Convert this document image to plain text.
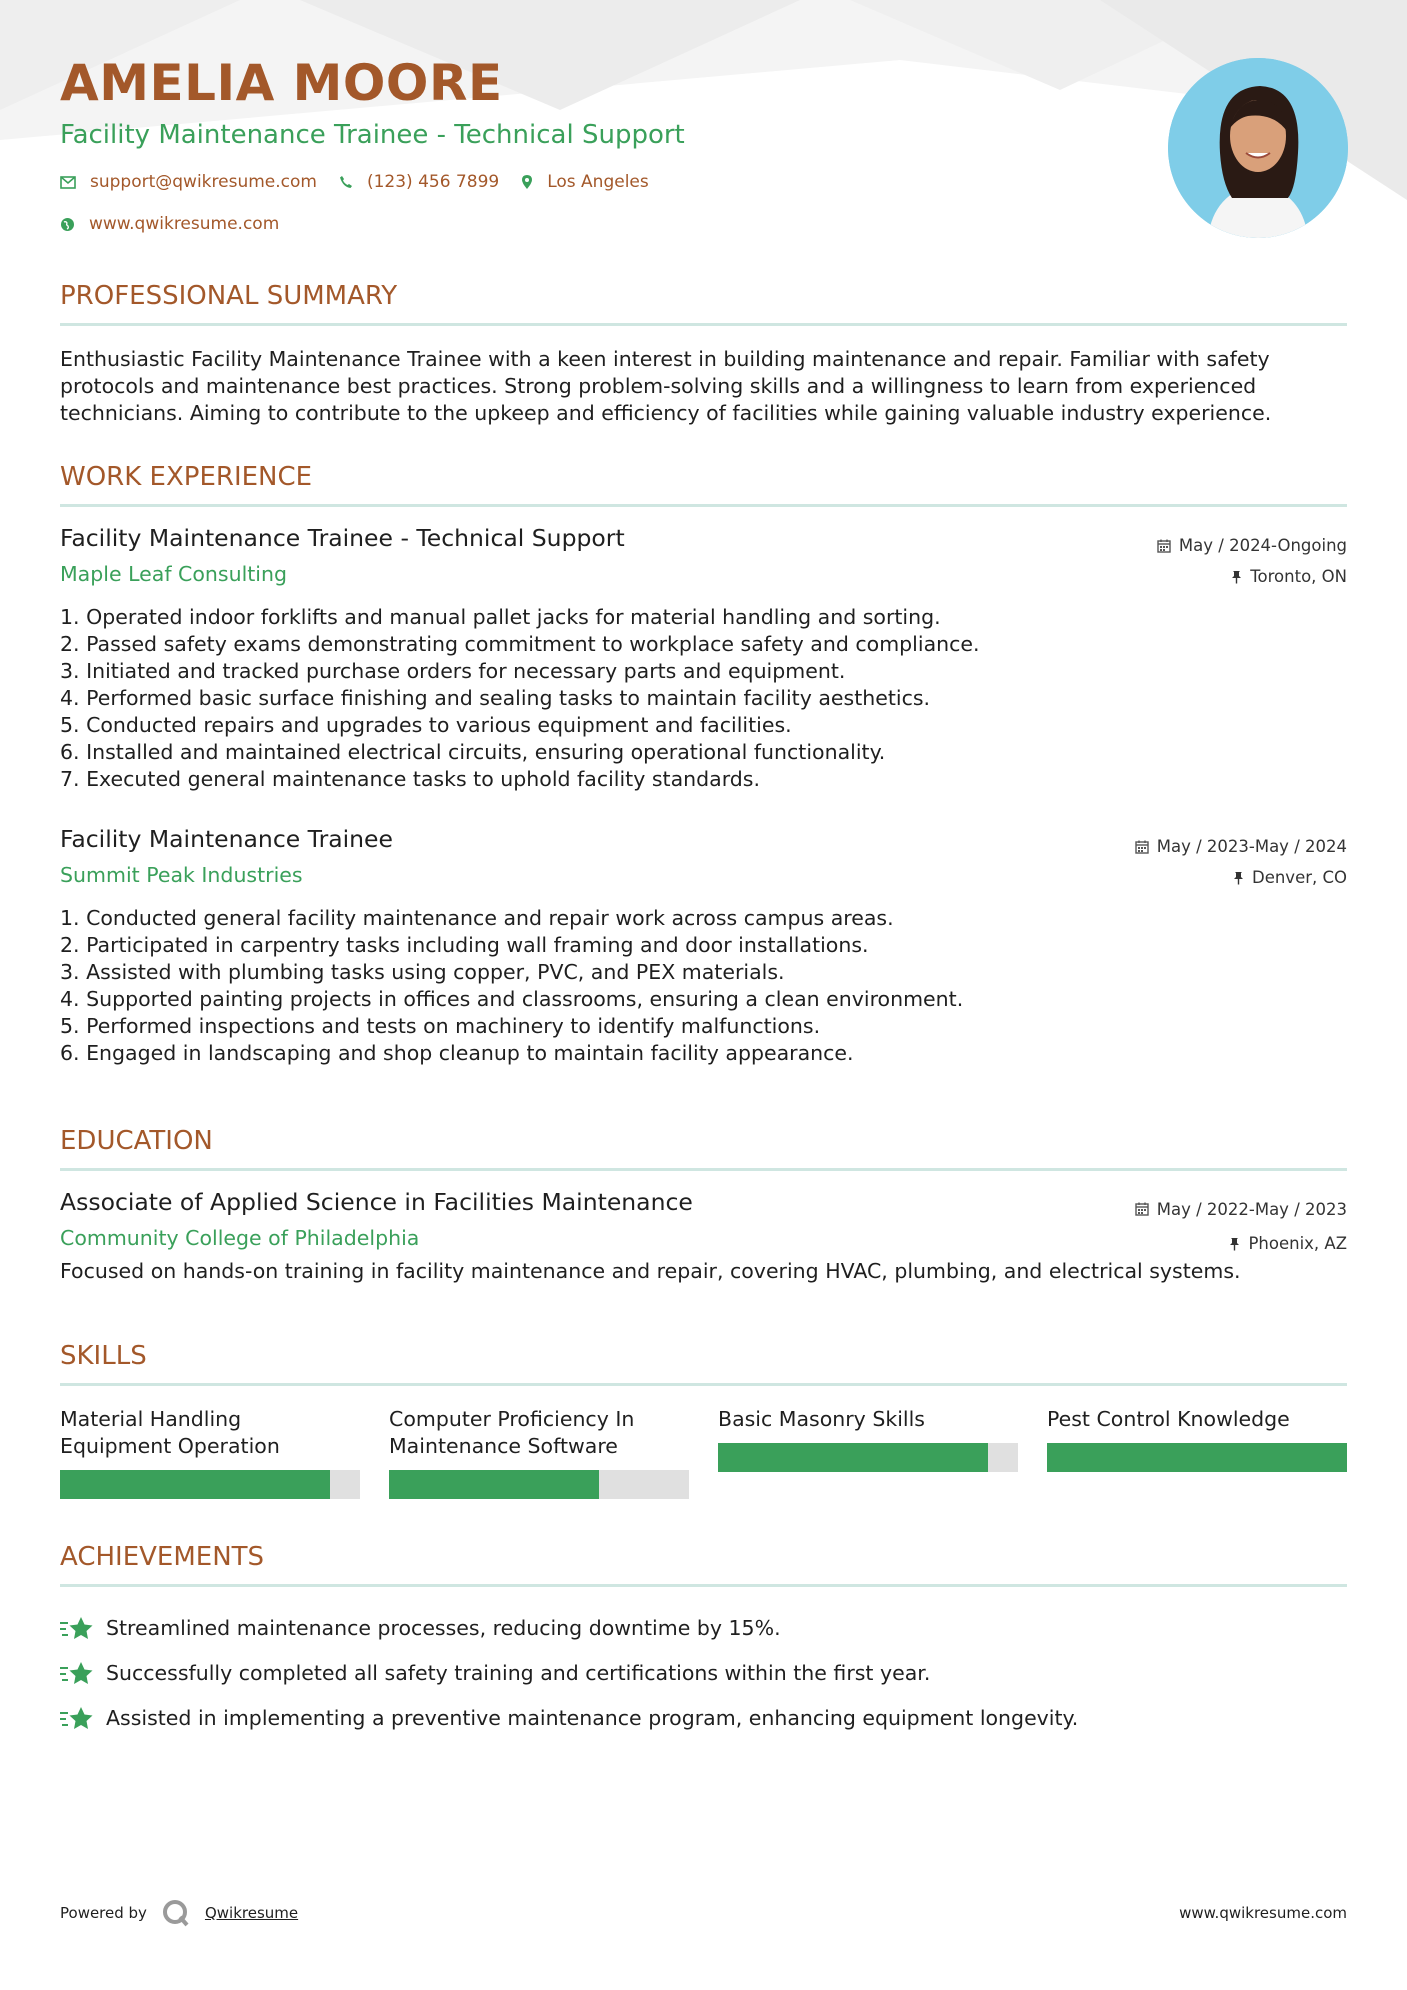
AMELIA MOORE
Facility Maintenance Trainee - Technical Support
support@qwikresume.com	(123) 456 7899	Los Angeles
www.qwikresume.com
PROFESSIONAL SUMMARY

Enthusiastic Facility Maintenance Trainee with a keen interest in building maintenance and repair. Familiar with safety

protocols and maintenance best practices. Strong problem-solving skills and a willingness to learn from experienced

technicians. Aiming to contribute to the upkeep and efficiency of facilities while gaining valuable industry experience.

WORK EXPERIENCE
Facility Maintenance Trainee - Technical Support
Maple Leaf Consulting
May / 2024-Ongoing
Toronto, ON
1. Operated indoor forklifts and manual pallet jacks for material handling and sorting.
2. Passed safety exams demonstrating commitment to workplace safety and compliance.
3. Initiated and tracked purchase orders for necessary parts and equipment.
4. Performed basic surface finishing and sealing tasks to maintain facility aesthetics.
5. Conducted repairs and upgrades to various equipment and facilities.
6. Installed and maintained electrical circuits, ensuring operational functionality.
7. Executed general maintenance tasks to uphold facility standards.
Facility Maintenance Trainee
Summit Peak Industries
May / 2023-May / 2024
Denver, CO
1. Conducted general facility maintenance and repair work across campus areas.
2. Participated in carpentry tasks including wall framing and door installations.
3. Assisted with plumbing tasks using copper, PVC, and PEX materials.
4. Supported painting projects in offices and classrooms, ensuring a clean environment.
5. Performed inspections and tests on machinery to identify malfunctions.
6. Engaged in landscaping and shop cleanup to maintain facility appearance.
EDUCATION
Associate of Applied Science in Facilities Maintenance
Community College of Philadelphia
May / 2022-May / 2023
Phoenix, AZ

Focused on hands-on training in facility maintenance and repair, covering HVAC, plumbing, and electrical systems.

SKILLS
Material Handling
Equipment Operation
Computer Proficiency In
Maintenance Software
Basic Masonry Skills	Pest Control Knowledge
ACHIEVEMENTS
Streamlined maintenance processes, reducing downtime by 15%.
Successfully completed all safety training and certifications within the first year.
Assisted in implementing a preventive maintenance program, enhancing equipment longevity.
Powered by	Qwikresume	www.qwikresume.com
